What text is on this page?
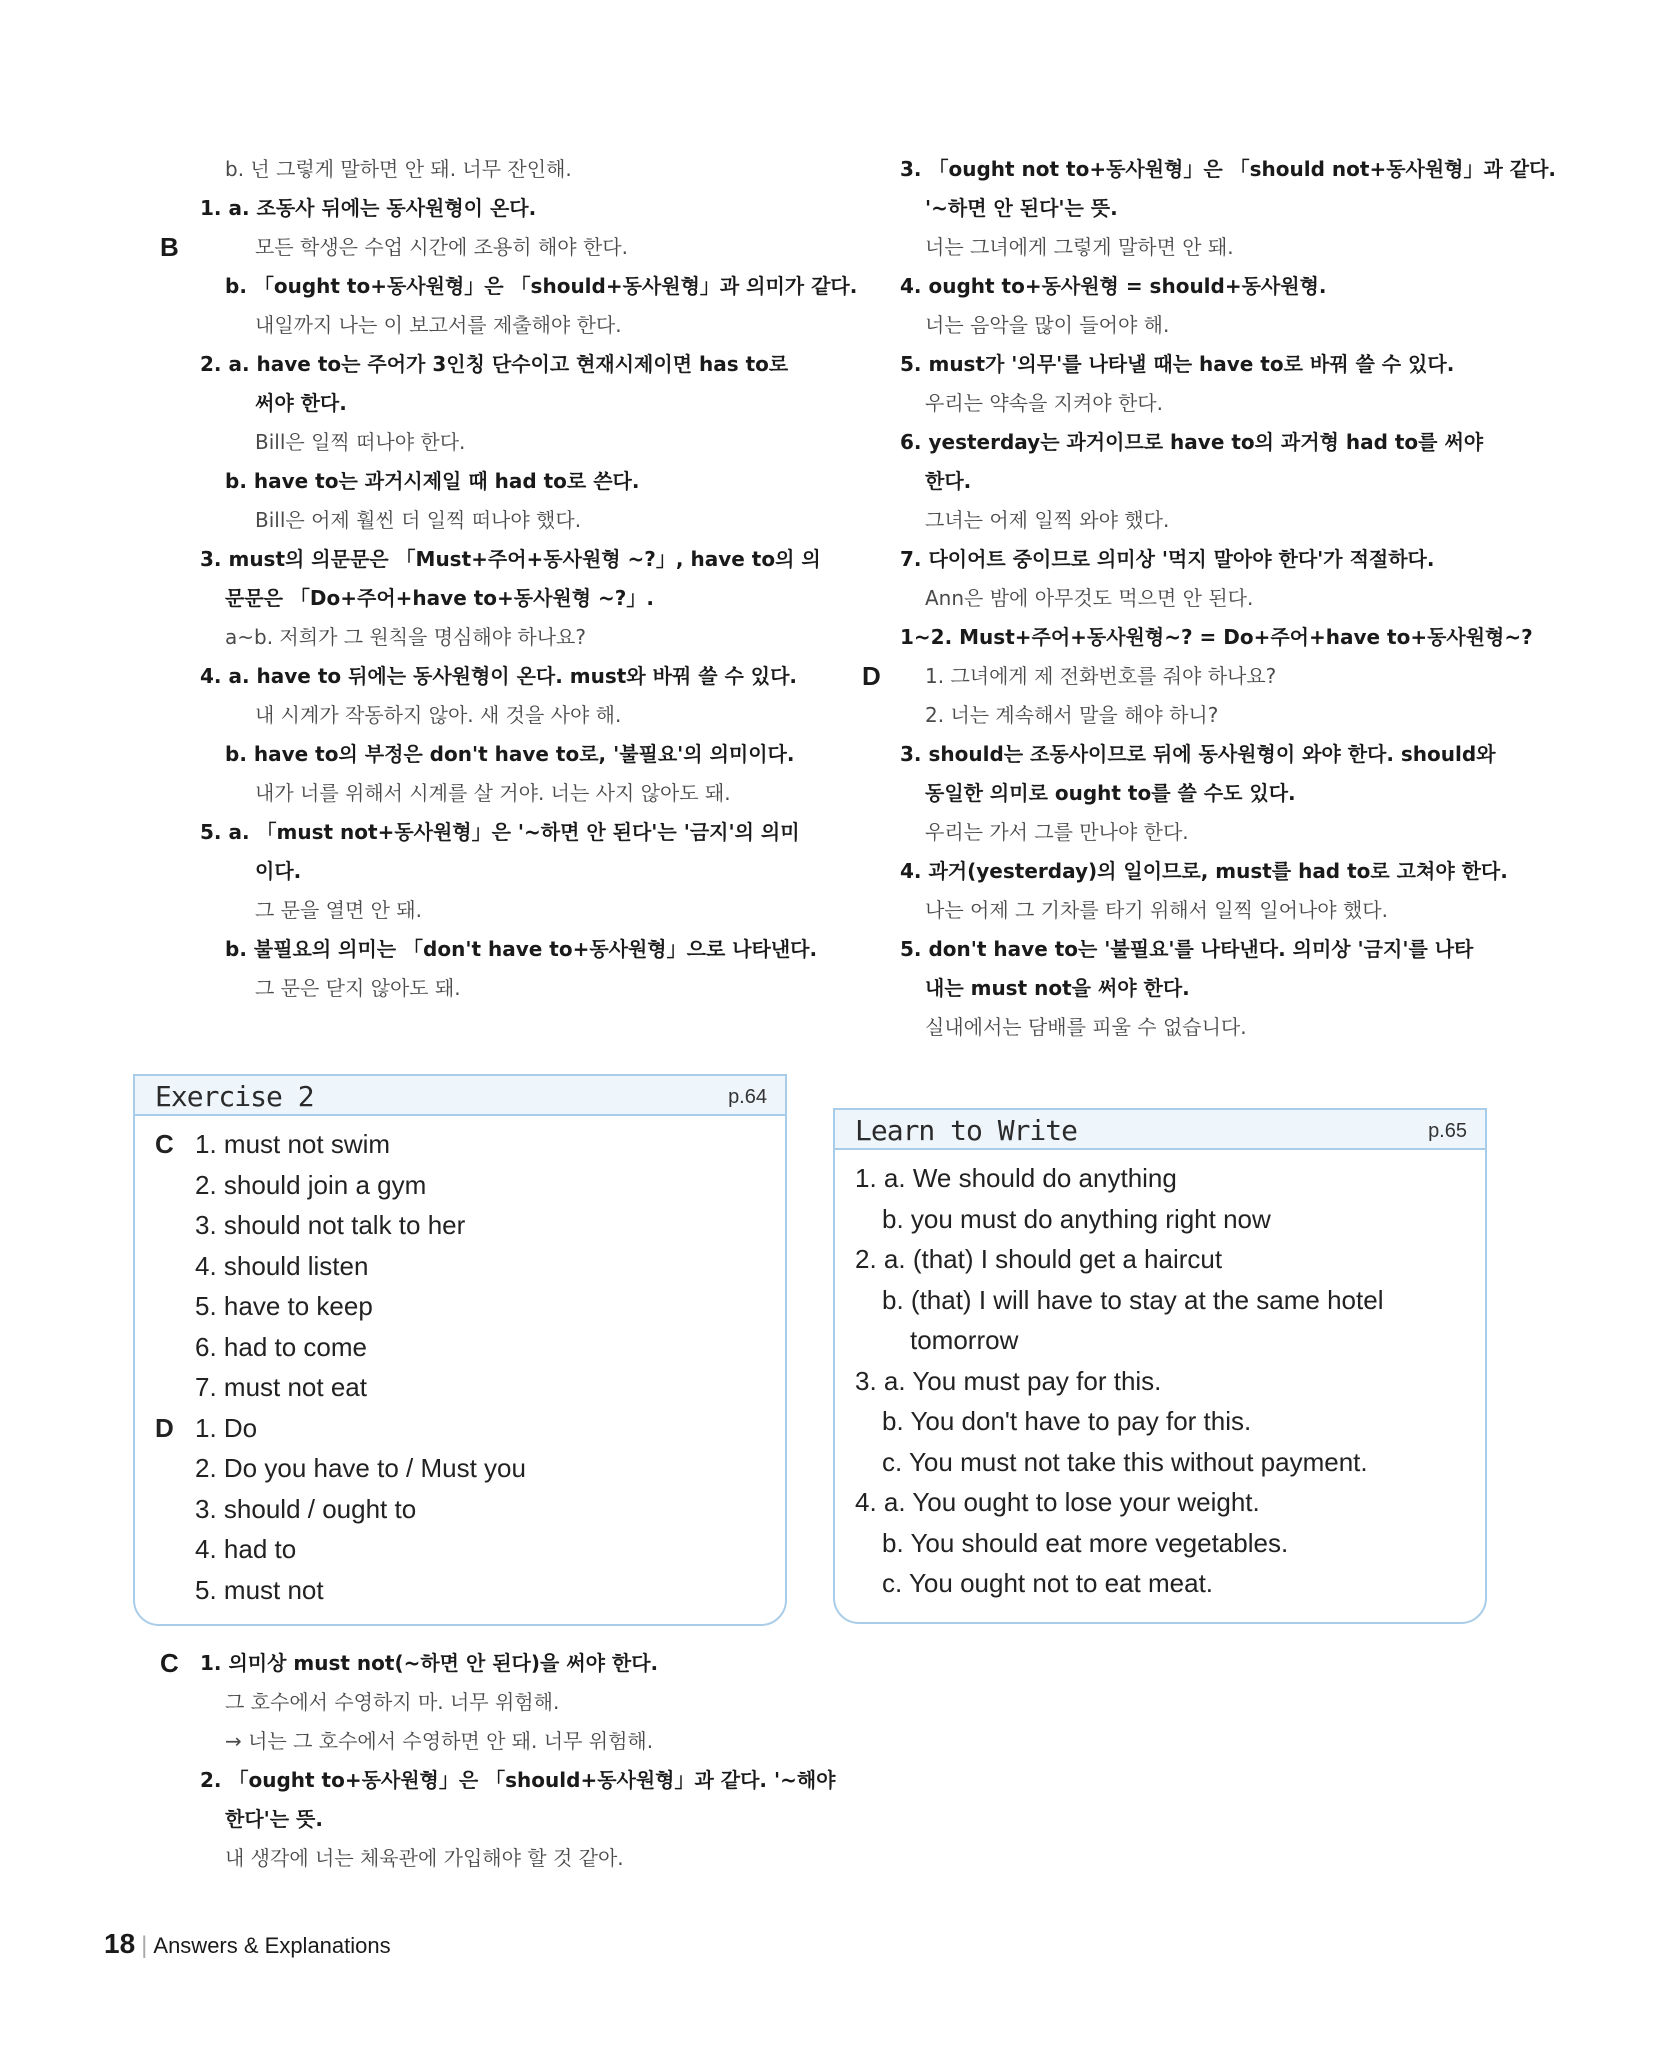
b. 넌 그렇게 말하면 안 돼. 너무 잔인해.
1. a. 조동사 뒤에는 동사원형이 온다.
모든 학생은 수업 시간에 조용히 해야 한다.
b. 「ought to+동사원형」은 「should+동사원형」과 의미가 같다.
내일까지 나는 이 보고서를 제출해야 한다.
2. a. have to는 주어가 3인칭 단수이고 현재시제이면 has to로
써야 한다.
Bill은 일찍 떠나야 한다.
b. have to는 과거시제일 때 had to로 쓴다.
Bill은 어제 훨씬 더 일찍 떠나야 했다.
3. must의 의문문은 「Must+주어+동사원형 ~?」, have to의 의
문문은 「Do+주어+have to+동사원형 ~?」.
a~b. 저희가 그 원칙을 명심해야 하나요?
4. a. have to 뒤에는 동사원형이 온다. must와 바꿔 쓸 수 있다.
내 시계가 작동하지 않아. 새 것을 사야 해.
b. have to의 부정은 don't have to로, '불필요'의 의미이다.
내가 너를 위해서 시계를 살 거야. 너는 사지 않아도 돼.
5. a. 「must not+동사원형」은 '~하면 안 된다'는 '금지'의 의미
이다.
그 문을 열면 안 돼.
b. 불필요의 의미는 「don't have to+동사원형」으로 나타낸다.
그 문은 닫지 않아도 돼.
B
Exercise 2	p.64
1. must not swim
C
2. should join a gym
3. should not talk to her
4. should listen
5. have to keep
6. had to come
7. must not eat
1. Do
D
2. Do you have to / Must you
3. should / ought to
4. had to
5. must not
1. 의미상 must not(~하면 안 된다)을 써야 한다.
그 호수에서 수영하지 마. 너무 위험해.
→ 너는 그 호수에서 수영하면 안 돼. 너무 위험해.
2. 「ought to+동사원형」은 「should+동사원형」과 같다. '~해야
한다'는 뜻.
내 생각에 너는 체육관에 가입해야 할 것 같아.
C
3. 「ought not to+동사원형」은 「should not+동사원형」과 같다.
'~하면 안 된다'는 뜻.
너는 그녀에게 그렇게 말하면 안 돼.
4. ought to+동사원형 = should+동사원형.
너는 음악을 많이 들어야 해.
5. must가 '의무'를 나타낼 때는 have to로 바꿔 쓸 수 있다.
우리는 약속을 지켜야 한다.
6. yesterday는 과거이므로 have to의 과거형 had to를 써야
한다.
그녀는 어제 일찍 와야 했다.
7. 다이어트 중이므로 의미상 '먹지 말아야 한다'가 적절하다.
Ann은 밤에 아무것도 먹으면 안 된다.
1~2. Must+주어+동사원형~? = Do+주어+have to+동사원형~?
1. 그녀에게 제 전화번호를 줘야 하나요?
2. 너는 계속해서 말을 해야 하니?
3. should는 조동사이므로 뒤에 동사원형이 와야 한다. should와
동일한 의미로 ought to를 쓸 수도 있다.
우리는 가서 그를 만나야 한다.
4. 과거(yesterday)의 일이므로, must를 had to로 고쳐야 한다.
나는 어제 그 기차를 타기 위해서 일찍 일어나야 했다.
5. don't have to는 '불필요'를 나타낸다. 의미상 '금지'를 나타
내는 must not을 써야 한다.
실내에서는 담배를 피울 수 없습니다.
D
Learn to Write	p.65
1. a. We should do anything
b. you must do anything right now
2. a. (that) I should get a haircut
b. (that) I will have to stay at the same hotel
tomorrow
3. a. You must pay for this.
b. You don't have to pay for this.
c. You must not take this without payment.
4. a. You ought to lose your weight.
b. You should eat more vegetables.
c. You ought not to eat meat.
18 | Answers & Explanations
